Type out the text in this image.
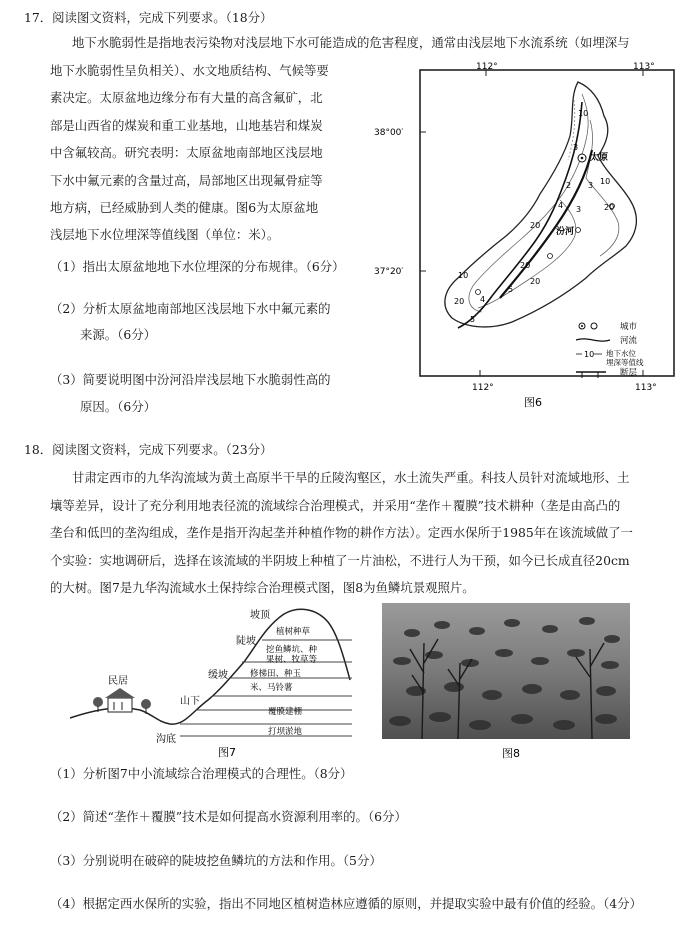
17．阅读图文资料，完成下列要求。（18分）
地下水脆弱性是指地表污染物对浅层地下水可能造成的危害程度，通常由浅层地下水流系统（如埋深与
地下水脆弱性呈负相关）、水文地质结构、气候等要
素决定。太原盆地边缘分布有大量的高含氟矿，北
部是山西省的煤炭和重工业基地，山地基岩和煤炭
中含氟较高。研究表明：太原盆地南部地区浅层地
下水中氟元素的含量过高，局部地区出现氟骨症等
地方病，已经威胁到人类的健康。图6为太原盆地
浅层地下水位埋深等值线图（单位：米）。
（1）指出太原盆地地下水位埋深的分布规律。（6分）
（2）分析太原盆地南部地区浅层地下水中氟元素的
来源。（6分）
（3）简要说明图中汾河沿岸浅层地下水脆弱性高的
原因。（6分）
112°	113°
112°	113°
38°00′
37°20′
10
3
3
2
4 3
20
10
20
20
10
20
20
5
4
5
太原
汾河
城市
河流
10 地下水位
埋深等值线
断层
图6
18．阅读图文资料，完成下列要求。（23分）
甘肃定西市的九华沟流域为黄土高原半干旱的丘陵沟壑区，水土流失严重。科技人员针对流域地形、土
壤等差异，设计了充分利用地表径流的流域综合治理模式，并采用“垄作＋覆膜”技术耕种（垄是由高凸的
垄台和低凹的垄沟组成，垄作是指开沟起垄并种植作物的耕作方法）。定西水保所于1985年在该流域做了一
个实验：实地调研后，选择在该流域的半阴坡上种植了一片油松，不进行人为干预，如今已长成直径20cm
的大树。图7是九华沟流域水土保持综合治理模式图，图8为鱼鳞坑景观照片。
坡顶
陡坡
缓坡
山下
民居
沟底
植树种草
挖鱼鳞坑、种
果树、牧草等
修梯田、种玉
米、马铃薯
覆膜建棚
打坝淤地
图7	图8
（1）分析图7中小流域综合治理模式的合理性。（8分）
（2）简述“垄作＋覆膜”技术是如何提高水资源利用率的。（6分）
（3）分别说明在破碎的陡坡挖鱼鳞坑的方法和作用。（5分）
（4）根据定西水保所的实验，指出不同地区植树造林应遵循的原则，并提取实验中最有价值的经验。（4分）
